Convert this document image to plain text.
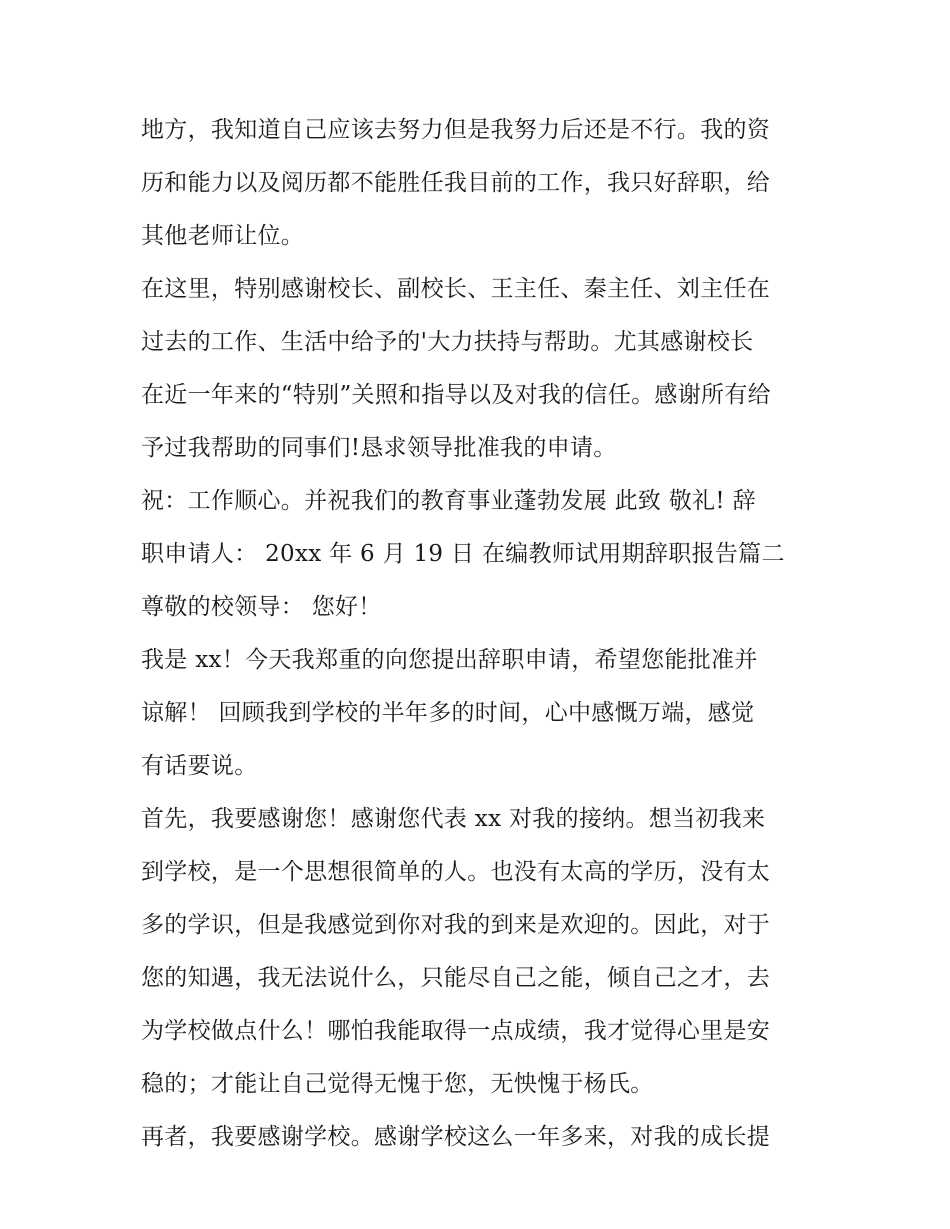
地方，我知道自己应该去努力但是我努力后还是不行。我的资
历和能力以及阅历都不能胜任我目前的工作，我只好辞职，给
其他老师让位。
在这里，特别感谢校长、副校长、王主任、秦主任、刘主任在
过去的工作、生活中给予的'大力扶持与帮助。尤其感谢校长
在近一年来的“特别”关照和指导以及对我的信任。感谢所有给
予过我帮助的同事们!恳求领导批准我的申请。
祝：工作顺心。并祝我们的教育事业蓬勃发展 此致 敬礼! 辞
职申请人： 20xx 年 6 月 19 日 在编教师试用期辞职报告篇二
尊敬的校领导： 您好！
我是 xx！今天我郑重的向您提出辞职申请，希望您能批准并
谅解！ 回顾我到学校的半年多的时间，心中感慨万端，感觉
有话要说。
首先，我要感谢您！感谢您代表 xx 对我的接纳。想当初我来
到学校，是一个思想很简单的人。也没有太高的学历，没有太
多的学识，但是我感觉到你对我的到来是欢迎的。因此，对于
您的知遇，我无法说什么，只能尽自己之能，倾自己之才，去
为学校做点什么！哪怕我能取得一点成绩，我才觉得心里是安
稳的；才能让自己觉得无愧于您，无怏愧于杨氏。
再者，我要感谢学校。感谢学校这么一年多来，对我的成长提
